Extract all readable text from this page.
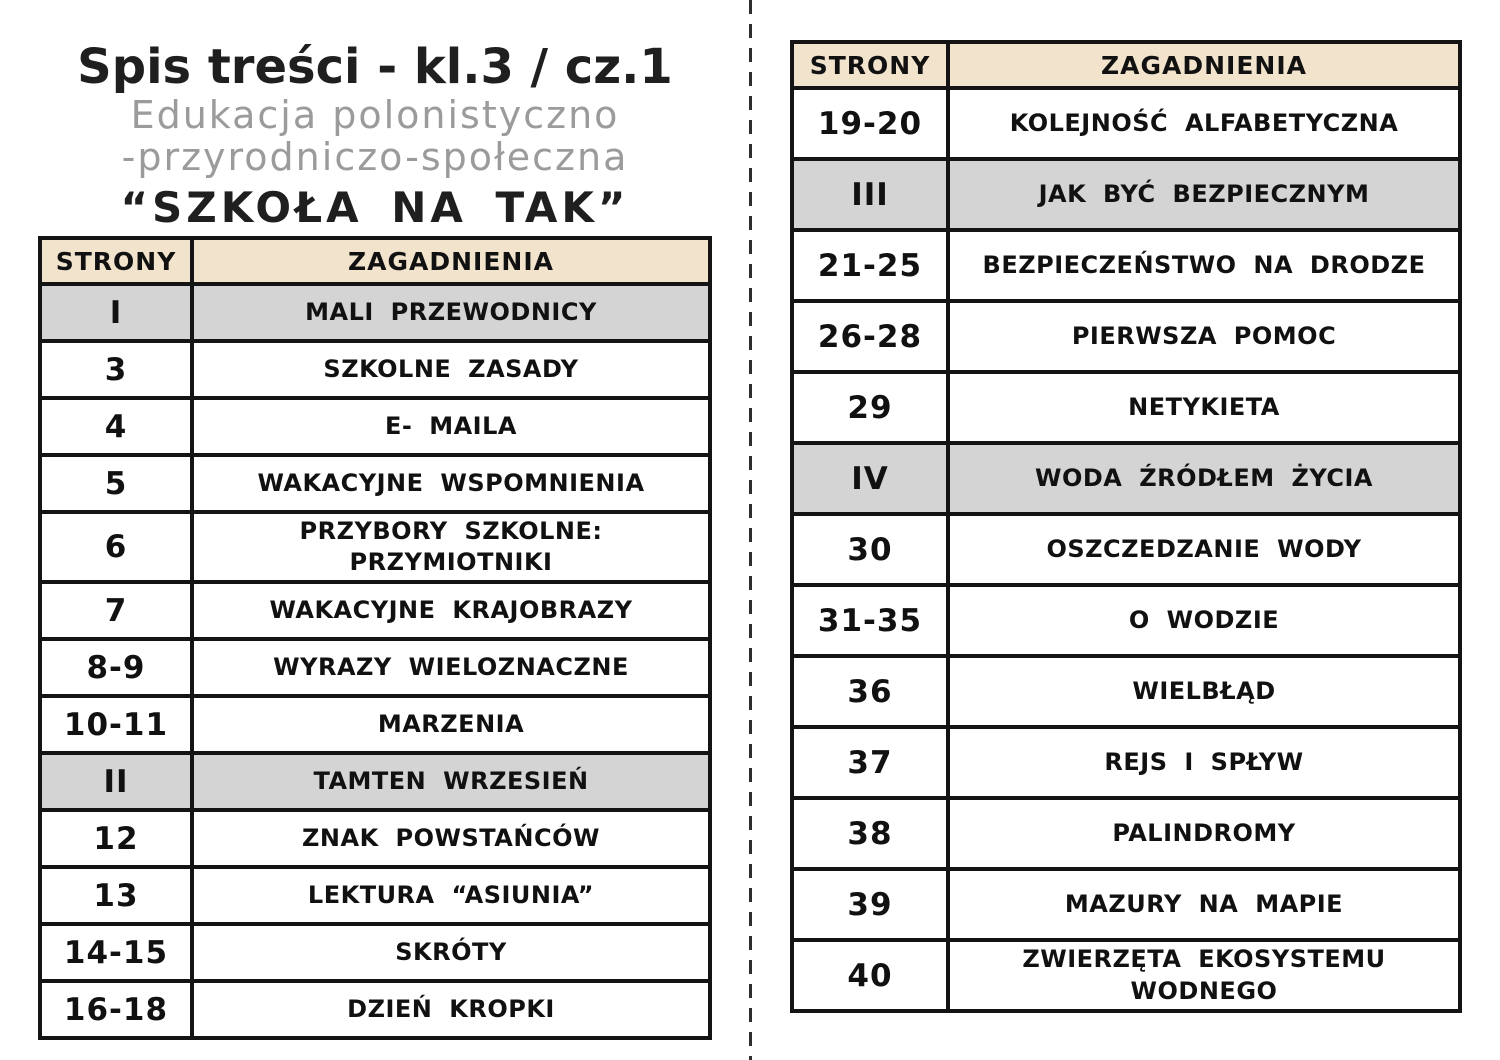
Spis treści - kl.3 / cz.1
Edukacja polonistyczno
-przyrodniczo-społeczna
“SZKOŁA NA TAK”
STRONY	ZAGADNIENIA
I	MALI PRZEWODNICY
3	SZKOLNE ZASADY
4	E- MAILA
5	WAKACYJNE WSPOMNIENIA
6	PRZYBORY SZKOLNE: PRZYMIOTNIKI
7	WAKACYJNE KRAJOBRAZY
8-9	WYRAZY WIELOZNACZNE
10-11	MARZENIA
II	TAMTEN WRZESIEŃ
12	ZNAK POWSTAŃCÓW
13	LEKTURA “ASIUNIA”
14-15	SKRÓTY
16-18	DZIEŃ KROPKI
STRONY	ZAGADNIENIA
19-20	KOLEJNOŚĆ ALFABETYCZNA
III	JAK BYĆ BEZPIECZNYM
21-25	BEZPIECZEŃSTWO NA DRODZE
26-28	PIERWSZA POMOC
29	NETYKIETA
IV	WODA ŹRÓDŁEM ŻYCIA
30	OSZCZEDZANIE WODY
31-35	O WODZIE
36	WIELBŁĄD
37	REJS I SPŁYW
38	PALINDROMY
39	MAZURY NA MAPIE
40	ZWIERZĘTA EKOSYSTEMU WODNEGO
